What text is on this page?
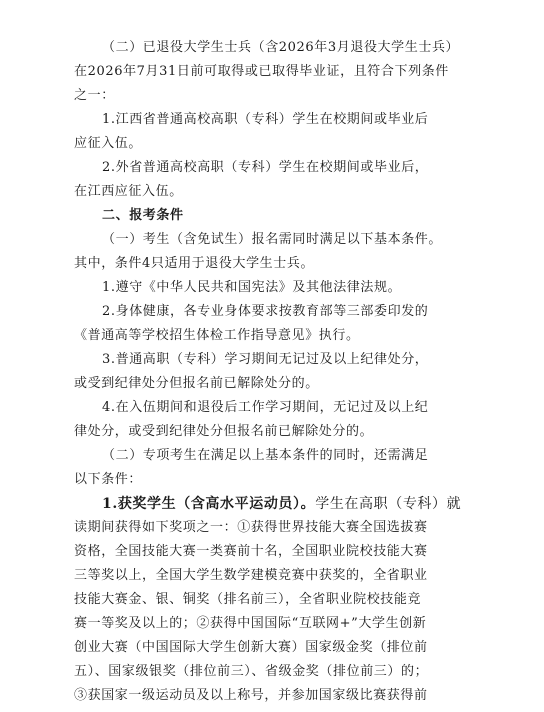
（二）已退役大学生士兵（含2026年3月退役大学生士兵）
在2026年7月31日前可取得或已取得毕业证，且符合下列条件
之一：
1.江西省普通高校高职（专科）学生在校期间或毕业后
应征入伍。
2.外省普通高校高职（专科）学生在校期间或毕业后，
在江西应征入伍。
二、报考条件
（一）考生（含免试生）报名需同时满足以下基本条件。
其中，条件4只适用于退役大学生士兵。
1.遵守《中华人民共和国宪法》及其他法律法规。
2.身体健康，各专业身体要求按教育部等三部委印发的
《普通高等学校招生体检工作指导意见》执行。
3.普通高职（专科）学习期间无记过及以上纪律处分，
或受到纪律处分但报名前已解除处分的。
4.在入伍期间和退役后工作学习期间，无记过及以上纪
律处分，或受到纪律处分但报名前已解除处分的。
（二）专项考生在满足以上基本条件的同时，还需满足
以下条件：
1.获奖学生（含高水平运动员）。学生在高职（专科）就
读期间获得如下奖项之一：①获得世界技能大赛全国选拔赛
资格，全国技能大赛一类赛前十名，全国职业院校技能大赛
三等奖以上，全国大学生数学建模竞赛中获奖的，全省职业
技能大赛金、银、铜奖（排名前三），全省职业院校技能竞
赛一等奖及以上的；②获得中国国际“互联网+”大学生创新
创业大赛（中国国际大学生创新大赛）国家级金奖（排位前
五）、国家级银奖（排位前三）、省级金奖（排位前三）的；
③获国家一级运动员及以上称号，并参加国家级比赛获得前
